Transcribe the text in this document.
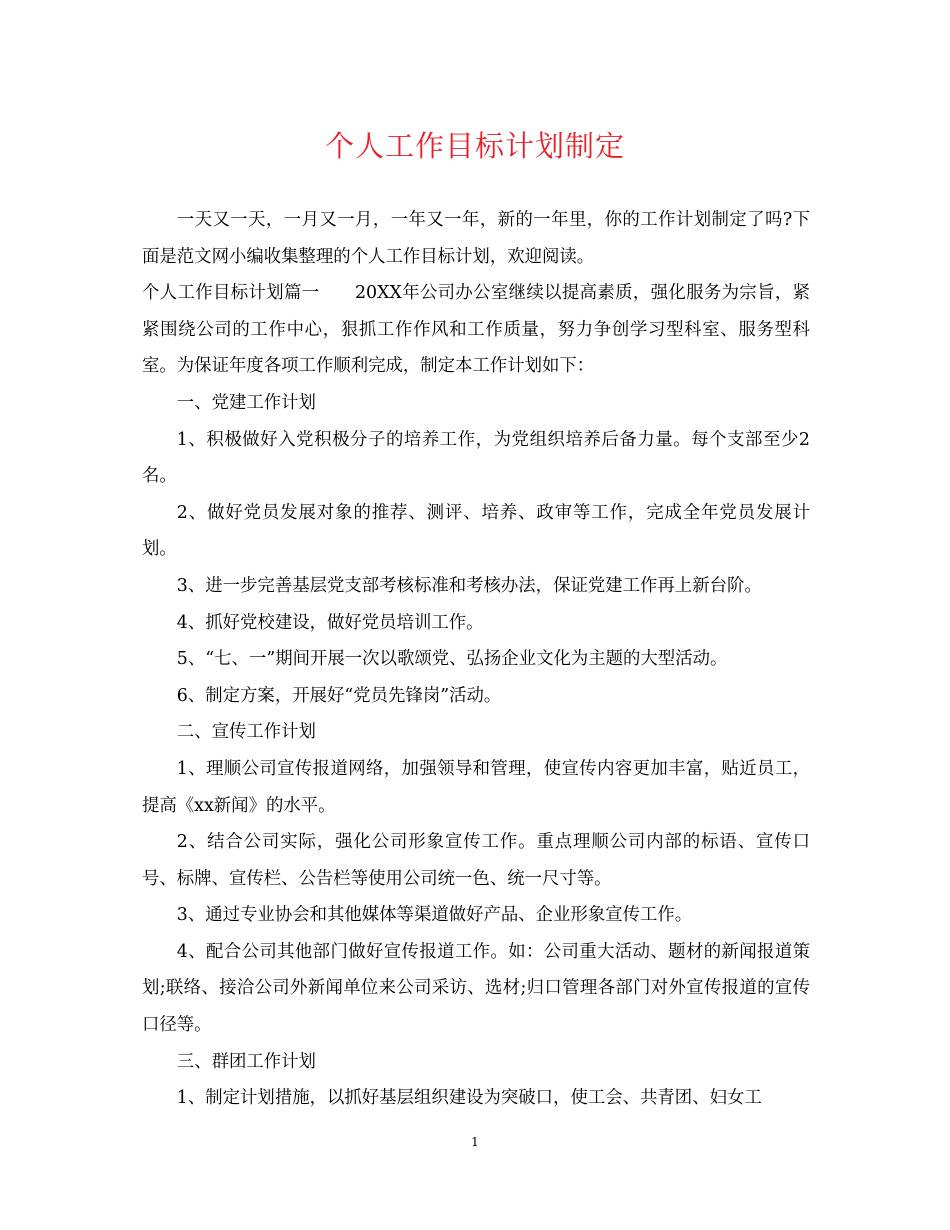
个人工作目标计划制定

一天又一天，一月又一月，一年又一年，新的一年里，你的工作计划制定了吗?下面是范文网小编收集整理的个人工作目标计划，欢迎阅读。

个人工作目标计划篇一　　20XX年公司办公室继续以提高素质，强化服务为宗旨，紧紧围绕公司的工作中心，狠抓工作作风和工作质量，努力争创学习型科室、服务型科室。为保证年度各项工作顺利完成，制定本工作计划如下：

一、党建工作计划

1、积极做好入党积极分子的培养工作，为党组织培养后备力量。每个支部至少2名。

2、做好党员发展对象的推荐、测评、培养、政审等工作，完成全年党员发展计划。

3、进一步完善基层党支部考核标准和考核办法，保证党建工作再上新台阶。

4、抓好党校建设，做好党员培训工作。

5、“七、一”期间开展一次以歌颂党、弘扬企业文化为主题的大型活动。

6、制定方案，开展好“党员先锋岗”活动。

二、宣传工作计划

1、理顺公司宣传报道网络，加强领导和管理，使宣传内容更加丰富，贴近员工，提高《xx新闻》的水平。

2、结合公司实际，强化公司形象宣传工作。重点理顺公司内部的标语、宣传口号、标牌、宣传栏、公告栏等使用公司统一色、统一尺寸等。

3、通过专业协会和其他媒体等渠道做好产品、企业形象宣传工作。

4、配合公司其他部门做好宣传报道工作。如：公司重大活动、题材的新闻报道策划;联络、接洽公司外新闻单位来公司采访、选材;归口管理各部门对外宣传报道的宣传口径等。

三、群团工作计划

1、制定计划措施，以抓好基层组织建设为突破口，使工会、共青团、妇女工

1
